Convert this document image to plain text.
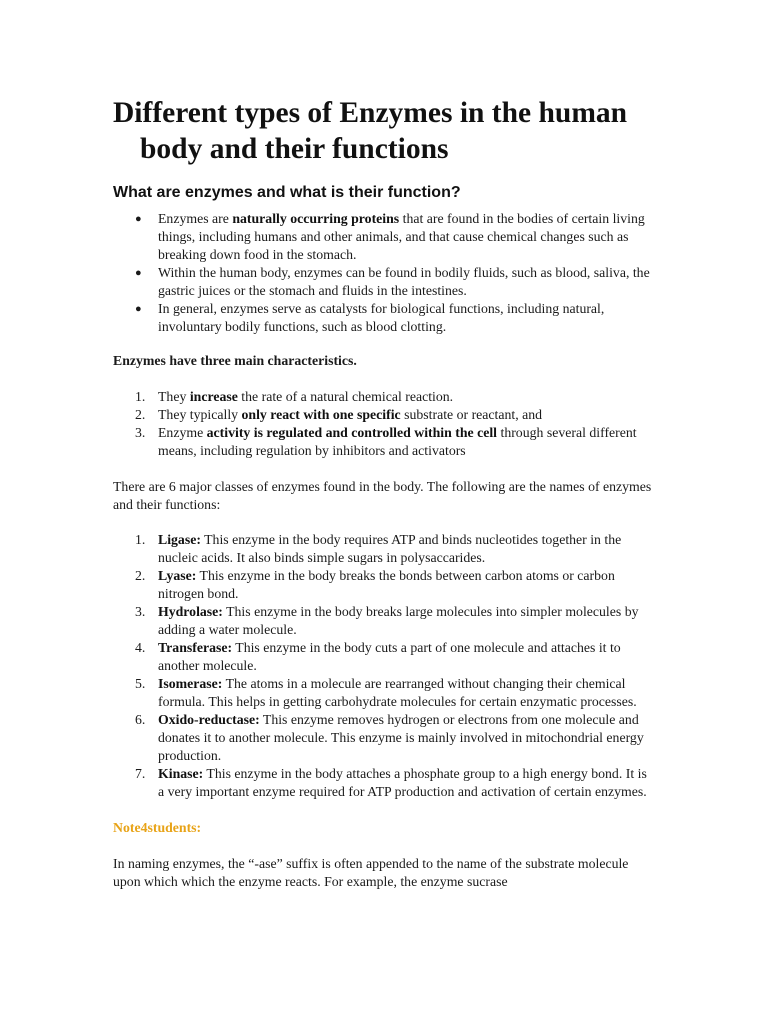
Different types of Enzymes in the human
body and their functions
What are enzymes and what is their function?
● Enzymes are naturally occurring proteins that are found in the bodies of certain living things, including humans and other animals, and that cause chemical changes such as breaking down food in the stomach.
● Within the human body, enzymes can be found in bodily fluids, such as blood, saliva, the gastric juices or the stomach and fluids in the intestines.
● In general, enzymes serve as catalysts for biological functions, including natural, involuntary bodily functions, such as blood clotting.

Enzymes have three main characteristics.

1. They increase the rate of a natural chemical reaction.
2. They typically only react with one specific substrate or reactant, and
3. Enzyme activity is regulated and controlled within the cell through several different means, including regulation by inhibitors and activators

There are 6 major classes of enzymes found in the body. The following are the names of enzymes and their functions:

1. Ligase: This enzyme in the body requires ATP and binds nucleotides together in the nucleic acids. It also binds simple sugars in polysaccarides.
2. Lyase: This enzyme in the body breaks the bonds between carbon atoms or carbon nitrogen bond.
3. Hydrolase: This enzyme in the body breaks large molecules into simpler molecules by adding a water molecule.
4. Transferase: This enzyme in the body cuts a part of one molecule and attaches it to another molecule.
5. Isomerase: The atoms in a molecule are rearranged without changing their chemical formula. This helps in getting carbohydrate molecules for certain enzymatic processes.
6. Oxido-reductase: This enzyme removes hydrogen or electrons from one molecule and donates it to another molecule. This enzyme is mainly involved in mitochondrial energy production.
7. Kinase: This enzyme in the body attaches a phosphate group to a high energy bond. It is a very important enzyme required for ATP production and activation of certain enzymes.

Note4students:

In naming enzymes, the “-ase” suffix is often appended to the name of the substrate molecule upon which which the enzyme reacts. For example, the enzyme sucrase
